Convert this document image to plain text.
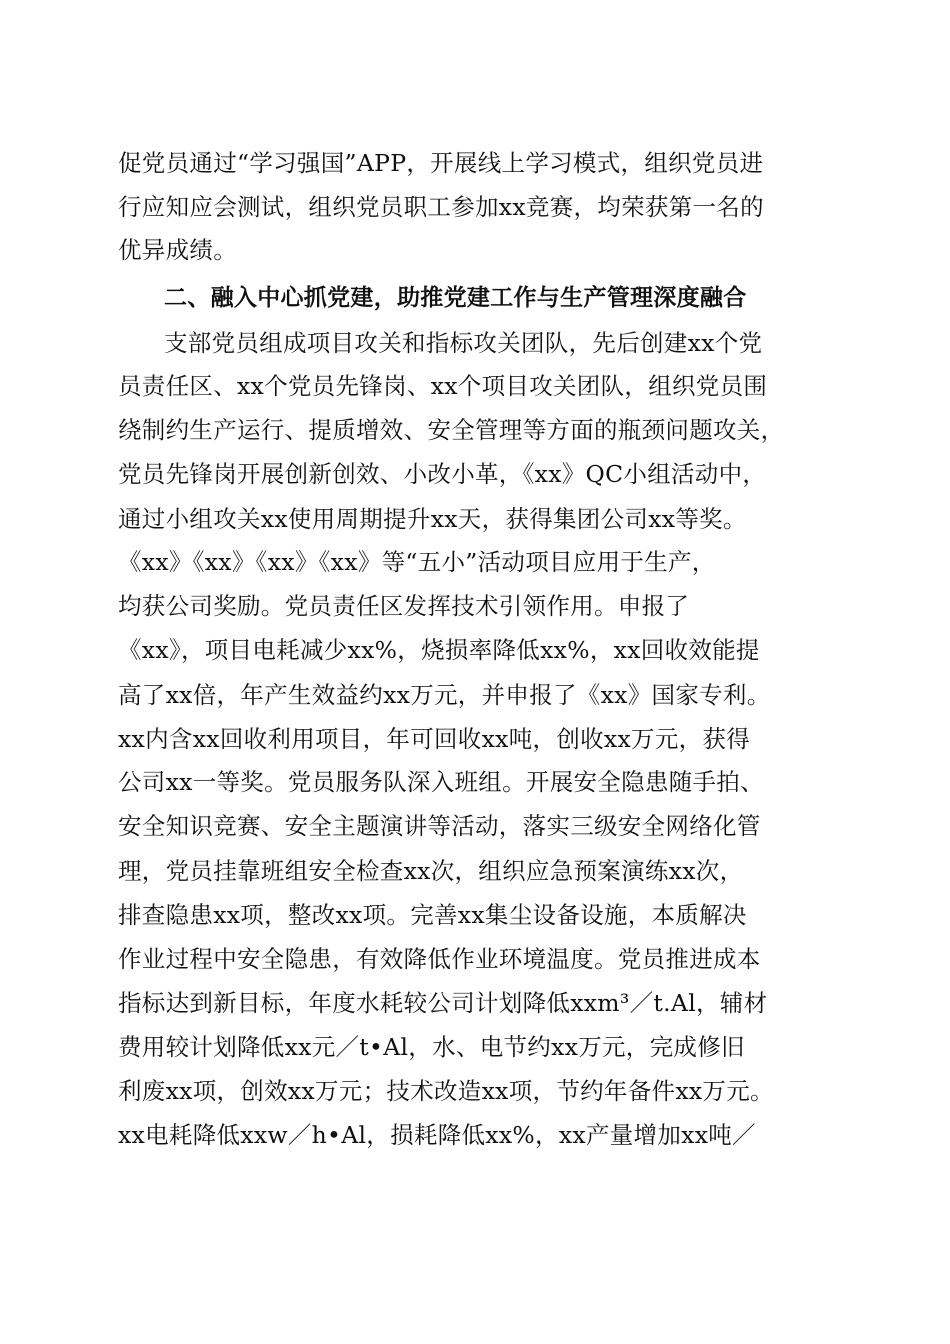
促党员通过“学习强国”APP，开展线上学习模式，组织党员进
行应知应会测试，组织党员职工参加xx竞赛，均荣获第一名的
优异成绩。
二、融入中心抓党建，助推党建工作与生产管理深度融合
支部党员组成项目攻关和指标攻关团队，先后创建xx个党
员责任区、xx个党员先锋岗、xx个项目攻关团队，组织党员围
绕制约生产运行、提质增效、安全管理等方面的瓶颈问题攻关，
党员先锋岗开展创新创效、小改小革，《xx》QC小组活动中，
通过小组攻关xx使用周期提升xx天，获得集团公司xx等奖。
《xx》《xx》《xx》《xx》等“五小”活动项目应用于生产，
均获公司奖励。党员责任区发挥技术引领作用。申报了
《xx》，项目电耗减少xx%，烧损率降低xx%，xx回收效能提
高了xx倍，年产生效益约xx万元，并申报了《xx》国家专利。
xx内含xx回收利用项目，年可回收xx吨，创收xx万元，获得
公司xx一等奖。党员服务队深入班组。开展安全隐患随手拍、
安全知识竞赛、安全主题演讲等活动，落实三级安全网络化管
理，党员挂靠班组安全检查xx次，组织应急预案演练xx次，
排查隐患xx项，整改xx项。完善xx集尘设备设施，本质解决
作业过程中安全隐患，有效降低作业环境温度。党员推进成本
指标达到新目标，年度水耗较公司计划降低xxm³／t.Al，辅材
费用较计划降低xx元／t•Al，水、电节约xx万元，完成修旧
利废xx项，创效xx万元；技术改造xx项，节约年备件xx万元。
xx电耗降低xxw／h•Al，损耗降低xx%，xx产量增加xx吨／
